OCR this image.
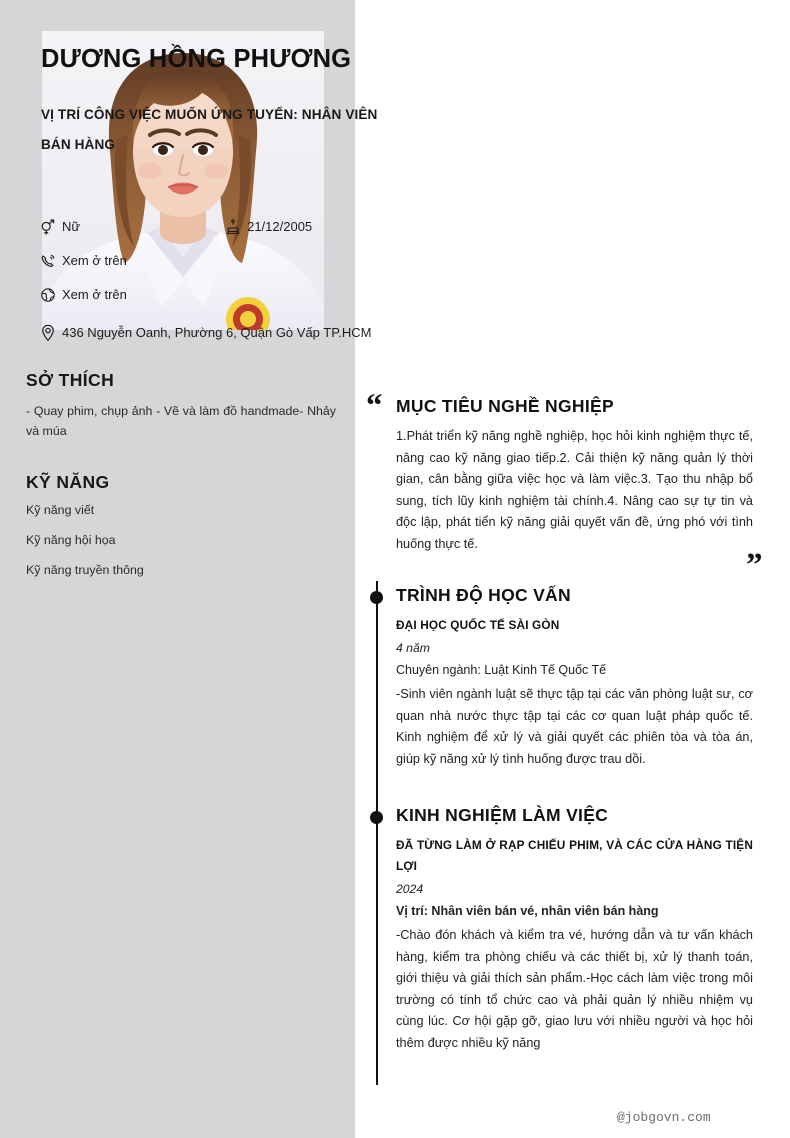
SỞ THÍCH

- Quay phim, chụp ảnh - Vẽ và làm đồ handmade- Nhảy và múa

KỸ NĂNG

Kỹ năng viết

Kỹ năng hội họa

Kỹ năng truyền thông

DƯƠNG HỒNG PHƯƠNG
VỊ TRÍ CÔNG VIỆC MUỐN ỨNG TUYỂN: NHÂN VIÊN BÁN HÀNG
Nữ	21/12/2005
Xem ở trên
Xem ở trên
436 Nguyễn Oanh, Phường 6, Quận Gò Vấp TP.HCM
“
”
MỤC TIÊU NGHỀ NGHIỆP

1.Phát triển kỹ năng nghề nghiệp, học hỏi kinh nghiệm thực tế, nâng cao kỹ năng giao tiếp.2. Cải thiện kỹ năng quản lý thời gian, cân bằng giữa việc học và làm việc.3. Tạo thu nhập bổ sung, tích lũy kinh nghiệm tài chính.4. Nâng cao sự tự tin và độc lập, phát tiển kỹ năng giải quyết vấn đề, ứng phó với tình huống thực tế.

TRÌNH ĐỘ HỌC VẤN

ĐẠI HỌC QUỐC TẾ SÀI GÒN

4 năm

Chuyên ngành: Luật Kinh Tế Quốc Tế

-Sinh viên ngành luật sẽ thực tập tại các văn phòng luật sư, cơ quan nhà nước thực tập tại các cơ quan luật pháp quốc tế. Kinh nghiệm để xử lý và giải quyết các phiên tòa và tòa án, giúp kỹ năng xử lý tình huống được trau dồi.

KINH NGHIỆM LÀM VIỆC

ĐÃ TỪNG LÀM Ở RẠP CHIẾU PHIM, VÀ CÁC CỬA HÀNG TIỆN LỢI

2024

Vị trí: Nhân viên bán vé, nhân viên bán hàng

-Chào đón khách và kiểm tra vé, hướng dẫn và tư vấn khách hàng, kiểm tra phòng chiếu và các thiết bị, xử lý thanh toán, giới thiệu và giải thích sản phẩm.-Học cách làm việc trong môi trường có tính tổ chức cao và phải quản lý nhiều nhiệm vụ cùng lúc. Cơ hội gặp gỡ, giao lưu với nhiều người và học hỏi thêm được nhiều kỹ năng

@jobgovn.com
